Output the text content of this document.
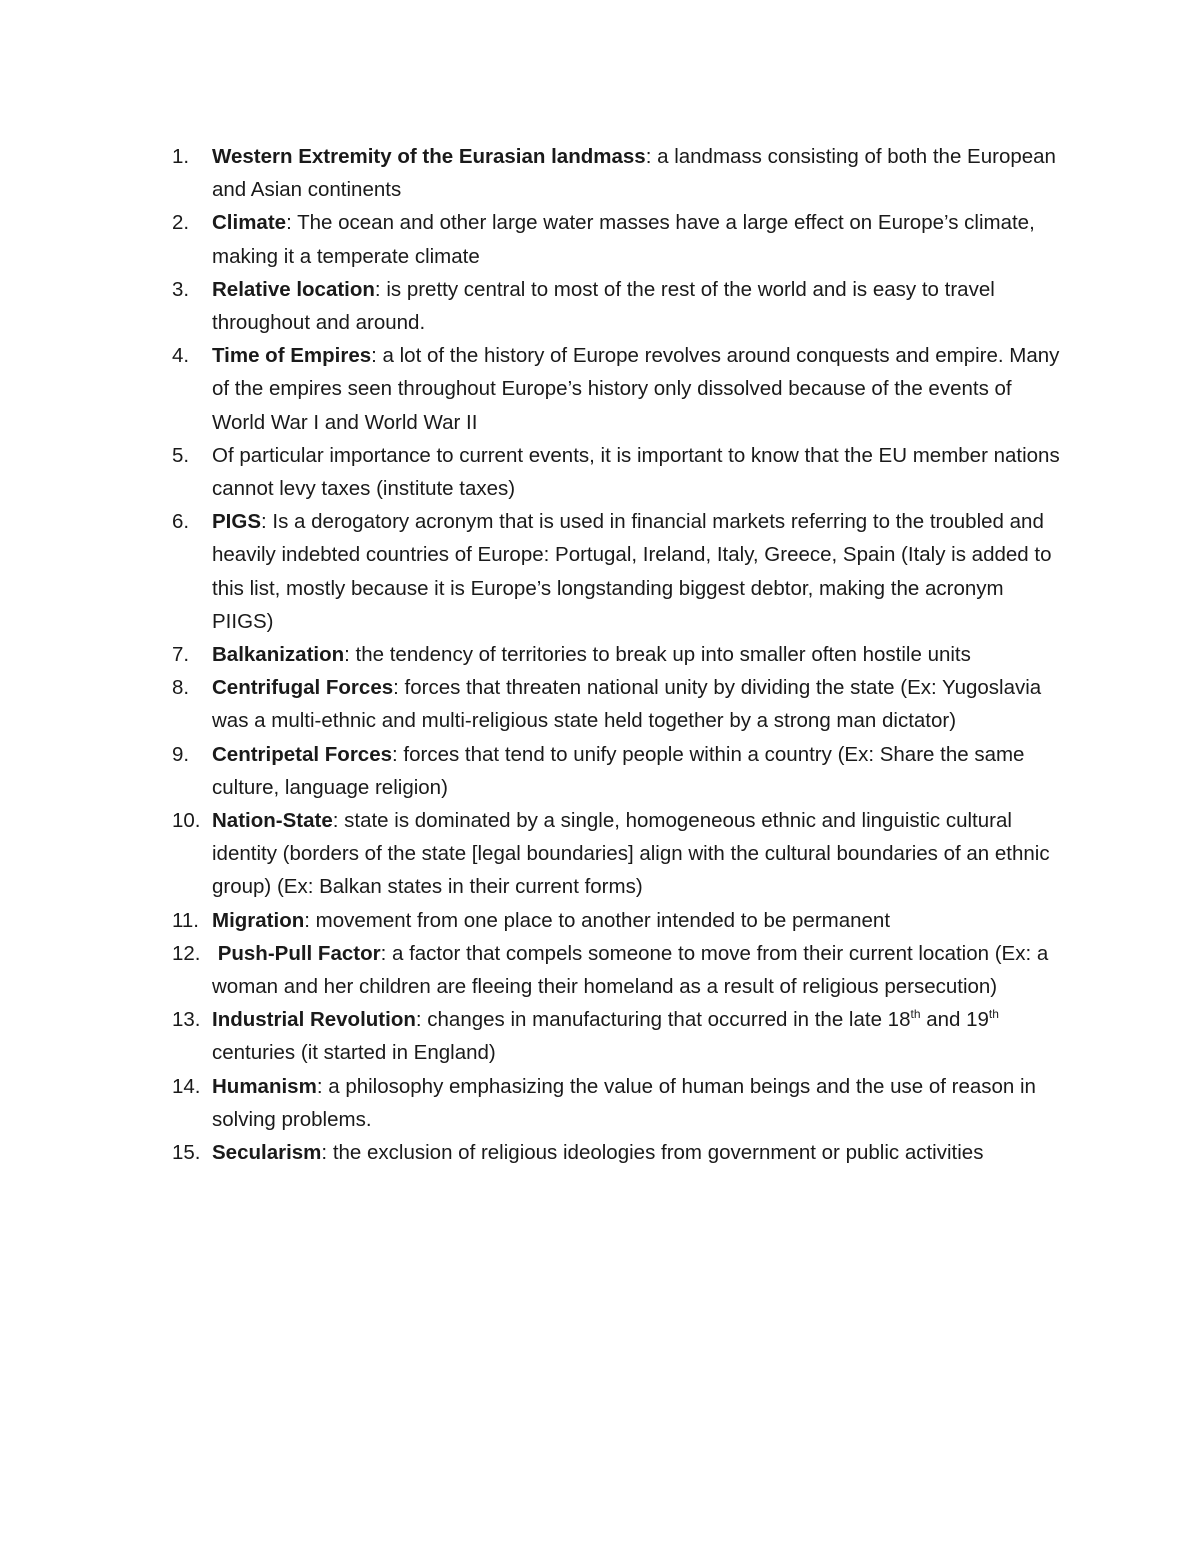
1.	Western Extremity of the Eurasian landmass: a landmass consisting of both the European and Asian continents
2.	Climate: The ocean and other large water masses have a large effect on Europe’s climate, making it a temperate climate
3.	Relative location: is pretty central to most of the rest of the world and is easy to travel throughout and around.
4.	Time of Empires: a lot of the history of Europe revolves around conquests and empire. Many of the empires seen throughout Europe’s history only dissolved because of the events of World War I and World War II
5.	Of particular importance to current events, it is important to know that the EU member nations cannot levy taxes (institute taxes)
6.	PIGS: Is a derogatory acronym that is used in financial markets referring to the troubled and heavily indebted countries of Europe: Portugal, Ireland, Italy, Greece, Spain (Italy is added to this list, mostly because it is Europe’s longstanding biggest debtor, making the acronym PIIGS)
7.	Balkanization: the tendency of territories to break up into smaller often hostile units
8.	Centrifugal Forces: forces that threaten national unity by dividing the state (Ex: Yugoslavia was a multi-ethnic and multi-religious state held together by a strong man dictator)
9.	Centripetal Forces: forces that tend to unify people within a country (Ex: Share the same culture, language religion)
10. Nation-State: state is dominated by a single, homogeneous ethnic and linguistic cultural identity (borders of the state [legal boundaries] align with the cultural boundaries of an ethnic group) (Ex: Balkan states in their current forms)
11. Migration: movement from one place to another intended to be permanent
12. Push-Pull Factor: a factor that compels someone to move from their current location (Ex: a woman and her children are fleeing their homeland as a result of religious persecution)
13. Industrial Revolution: changes in manufacturing that occurred in the late 18th and 19th centuries (it started in England)
14. Humanism: a philosophy emphasizing the value of human beings and the use of reason in solving problems.
15. Secularism: the exclusion of religious ideologies from government or public activities
